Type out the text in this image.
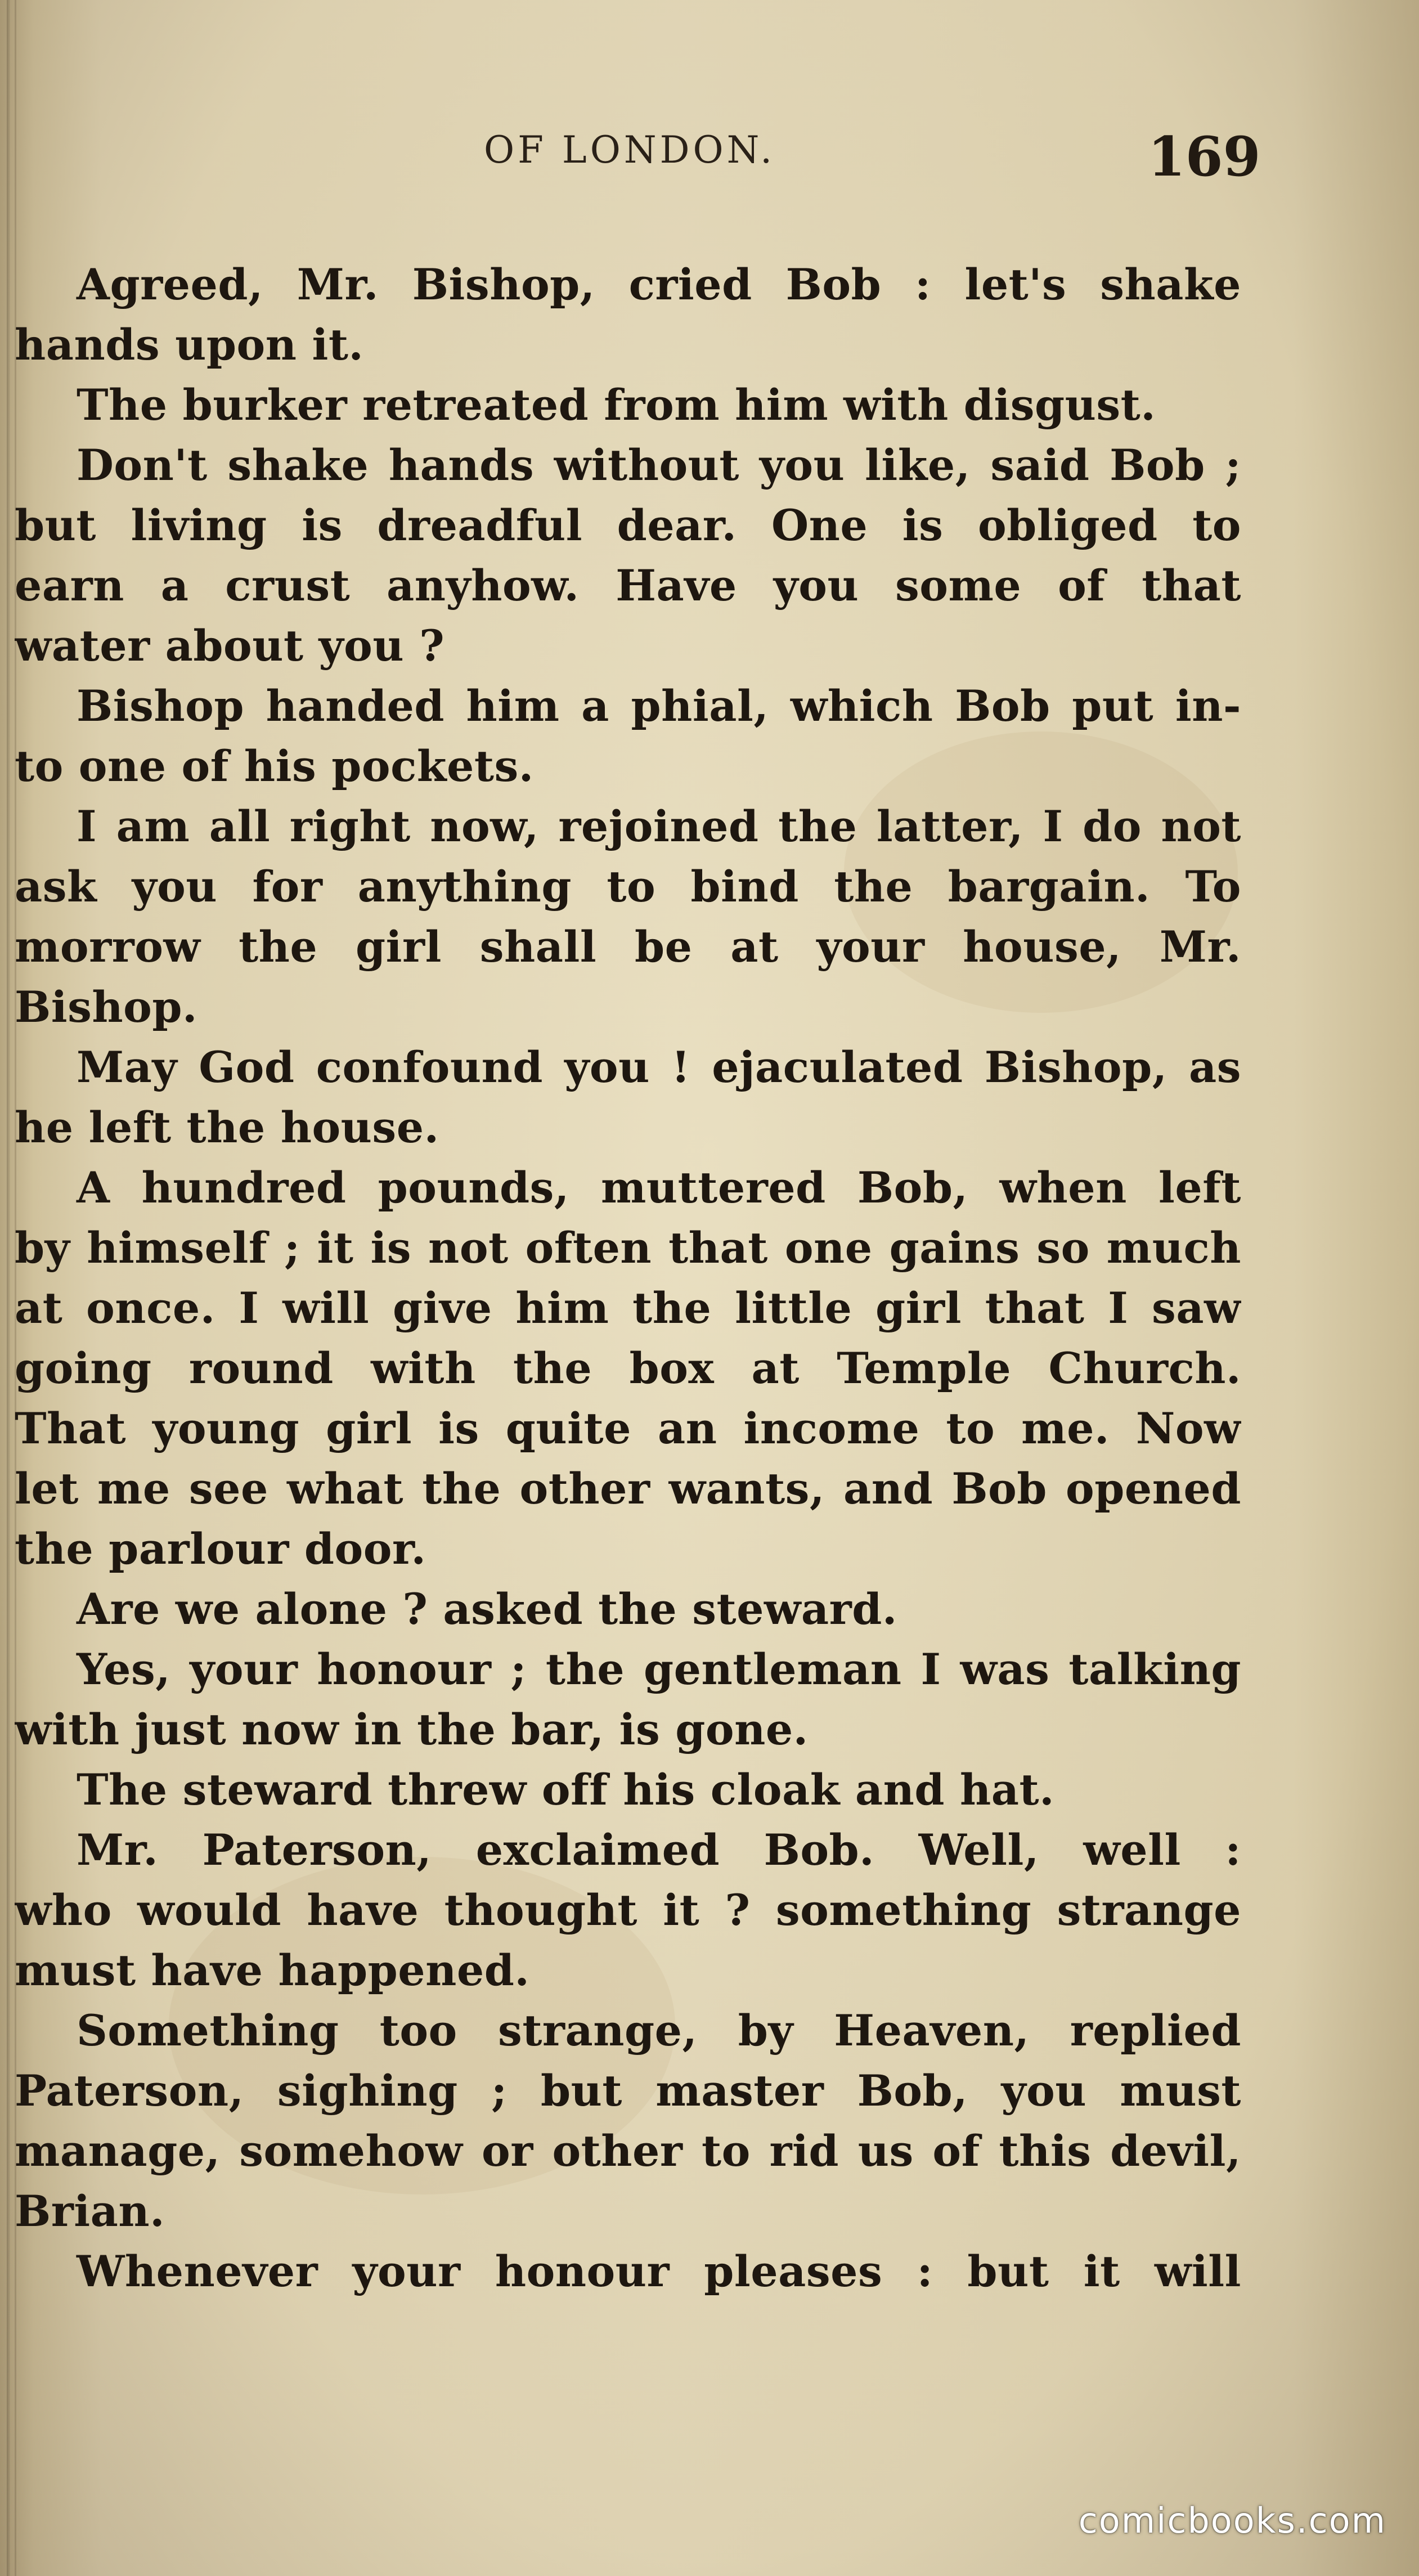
OF LONDON.	169
Agreed, Mr. Bishop, cried Bob : let's shake
hands upon it.
The burker retreated from him with disgust.
Don't shake hands without you like, said Bob ;
but living is dreadful dear. One is obliged to
earn a crust anyhow. Have you some of that
water about you ?
Bishop handed him a phial, which Bob put in-
to one of his pockets.
I am all right now, rejoined the latter, I do not
ask you for anything to bind the bargain. To
morrow the girl shall be at your house, Mr.
Bishop.
May God confound you ! ejaculated Bishop, as
he left the house.
A hundred pounds, muttered Bob, when left
by himself ; it is not often that one gains so much
at once. I will give him the little girl that I saw
going round with the box at Temple Church.
That young girl is quite an income to me. Now
let me see what the other wants, and Bob opened
the parlour door.
Are we alone ? asked the steward.
Yes, your honour ; the gentleman I was talking
with just now in the bar, is gone.
The steward threw off his cloak and hat.
Mr. Paterson, exclaimed Bob. Well, well :
who would have thought it ? something strange
must have happened.
Something too strange, by Heaven, replied
Paterson, sighing ; but master Bob, you must
manage, somehow or other to rid us of this devil,
Brian.
Whenever your honour pleases : but it will
comicbooks.com
